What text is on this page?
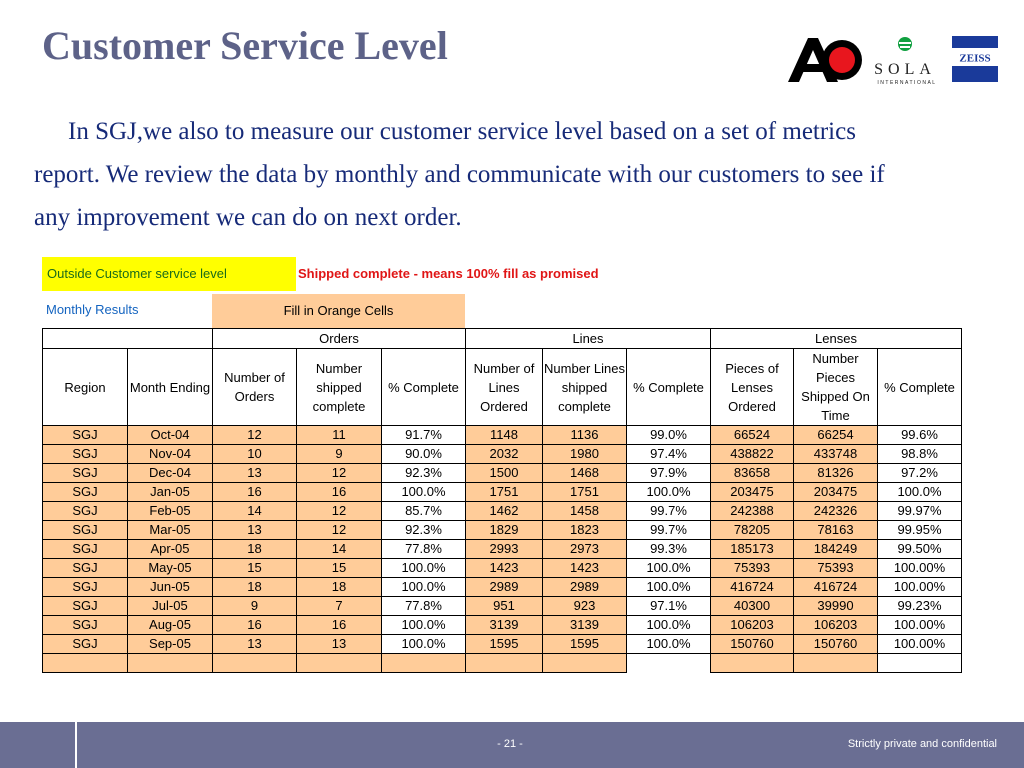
Customer Service Level	AO
SOLA
INTERNATIONAL
ZEISS

In SGJ,we also to measure our customer service level based on a set of metrics report. We review the data by monthly and communicate with our customers to see if any improvement we can do on next order.

Outside Customer service level	Shipped complete - means 100% fill as promised
Monthly Results	Fill in Orange Cells
		Orders			Lines			Lenses		
Region	Month Ending	Number of Orders	Number shipped complete	% Complete	Number of Lines Ordered	Number Lines shipped complete	% Complete	Pieces of Lenses Ordered	Number Pieces Shipped On Time	% Complete
SGJ	Oct-04	12	11	91.7%	1148	1136	99.0%	66524	66254	99.6%
SGJ	Nov-04	10	9	90.0%	2032	1980	97.4%	438822	433748	98.8%
SGJ	Dec-04	13	12	92.3%	1500	1468	97.9%	83658	81326	97.2%
SGJ	Jan-05	16	16	100.0%	1751	1751	100.0%	203475	203475	100.0%
SGJ	Feb-05	14	12	85.7%	1462	1458	99.7%	242388	242326	99.97%
SGJ	Mar-05	13	12	92.3%	1829	1823	99.7%	78205	78163	99.95%
SGJ	Apr-05	18	14	77.8%	2993	2973	99.3%	185173	184249	99.50%
SGJ	May-05	15	15	100.0%	1423	1423	100.0%	75393	75393	100.00%
SGJ	Jun-05	18	18	100.0%	2989	2989	100.0%	416724	416724	100.00%
SGJ	Jul-05	9	7	77.8%	951	923	97.1%	40300	39990	99.23%
SGJ	Aug-05	16	16	100.0%	3139	3139	100.0%	106203	106203	100.00%
SGJ	Sep-05	13	13	100.0%	1595	1595	100.0%	150760	150760	100.00%

- 21 -	Strictly private and confidential
